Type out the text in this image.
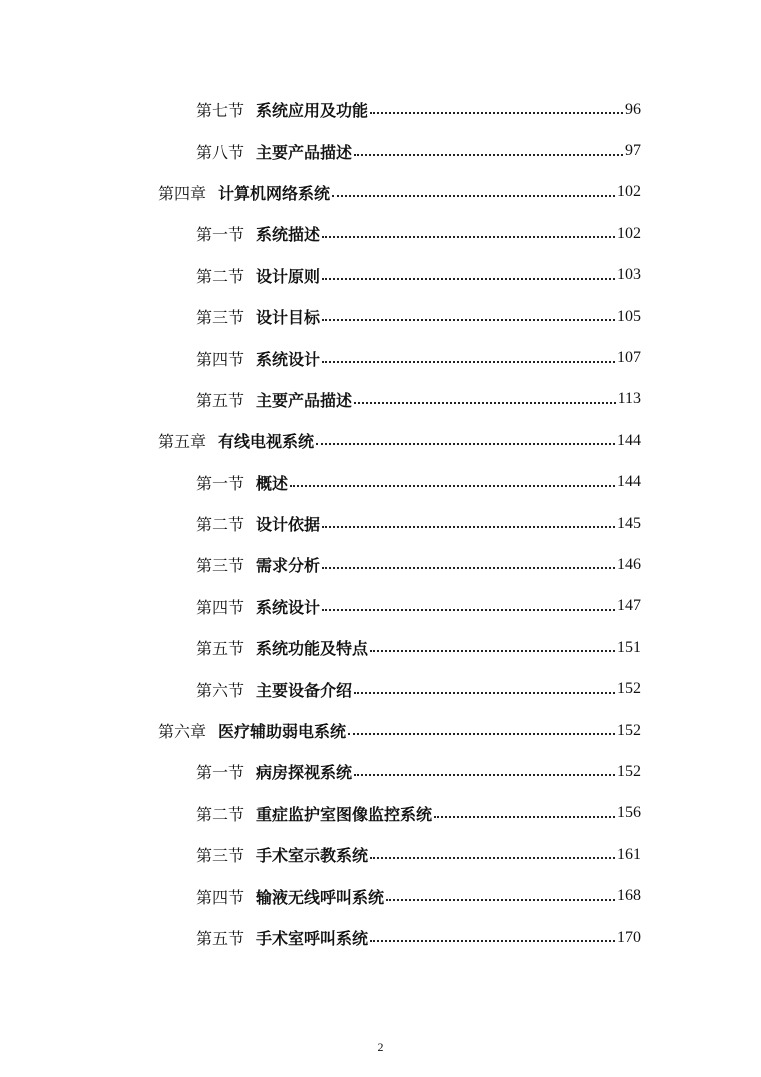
第七节 系统应用及功能	96
第八节 主要产品描述	97
第四章 计算机网络系统	102
第一节 系统描述	102
第二节 设计原则	103
第三节 设计目标	105
第四节 系统设计	107
第五节 主要产品描述	113
第五章 有线电视系统	144
第一节 概述	144
第二节 设计依据	145
第三节 需求分析	146
第四节 系统设计	147
第五节 系统功能及特点	151
第六节 主要设备介绍	152
第六章 医疗辅助弱电系统	152
第一节 病房探视系统	152
第二节 重症监护室图像监控系统	156
第三节 手术室示教系统	161
第四节 输液无线呼叫系统	168
第五节 手术室呼叫系统	170
2
